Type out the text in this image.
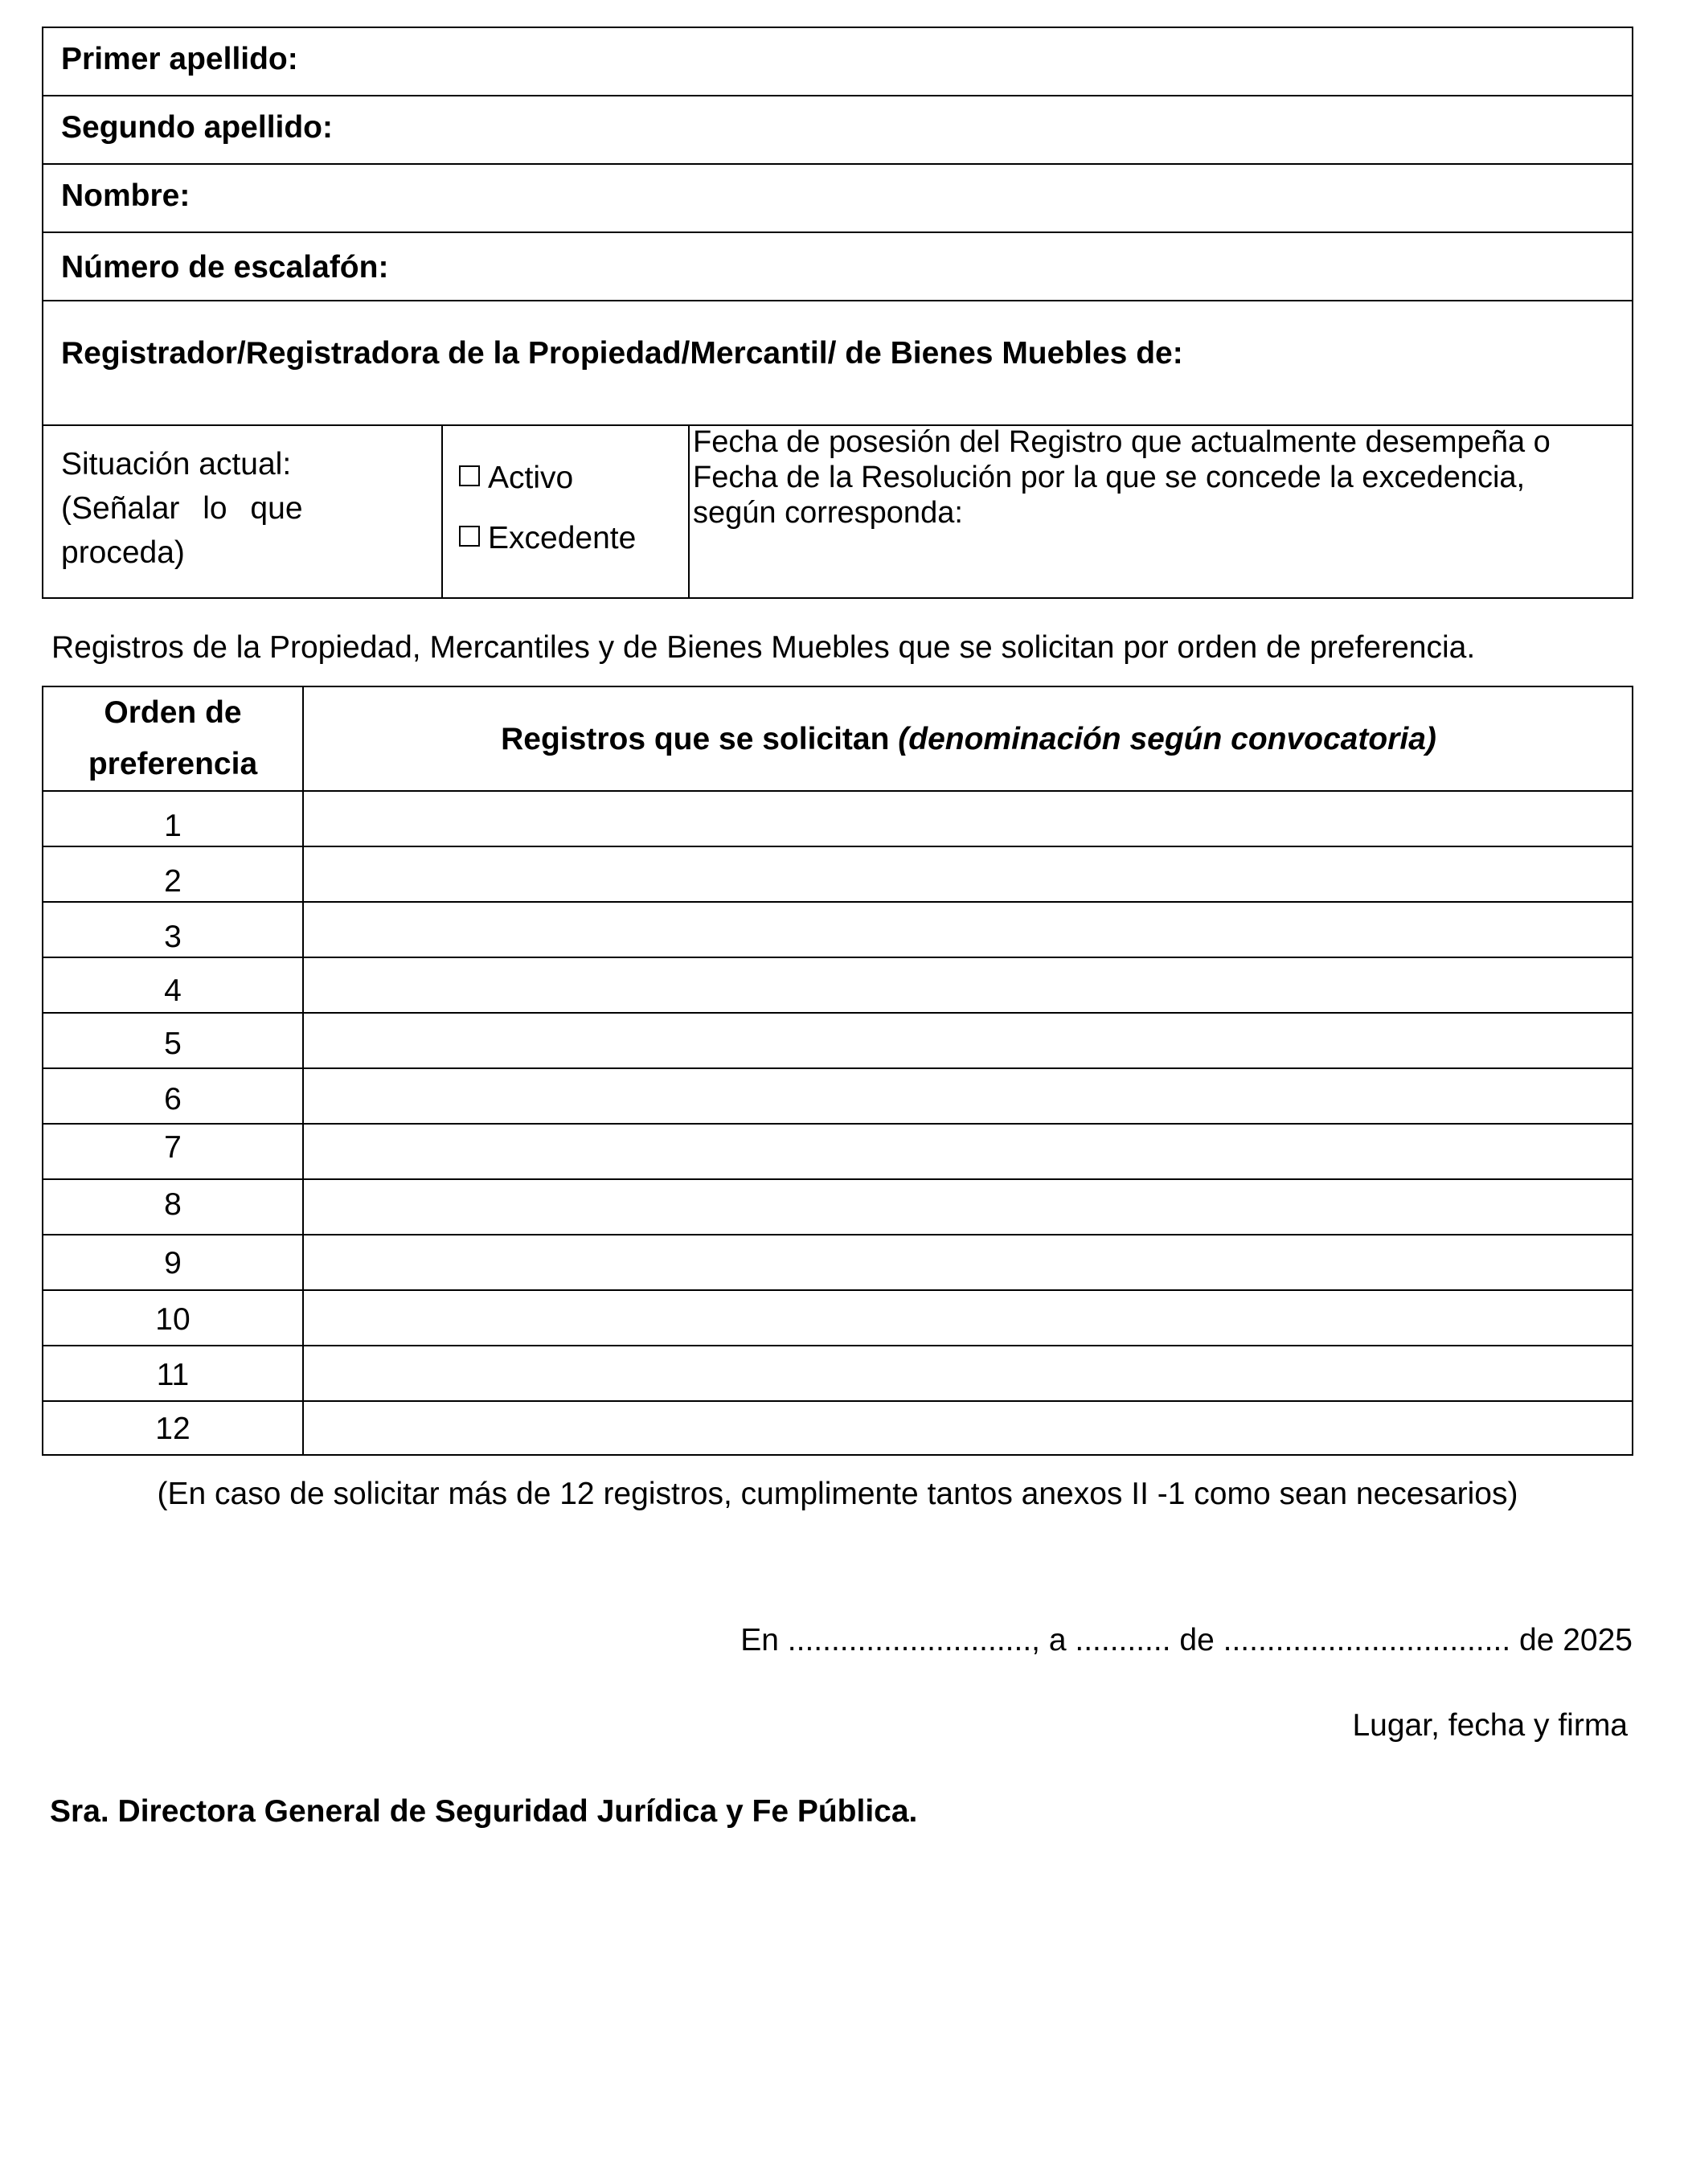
Primer apellido:
Segundo apellido:
Nombre:
Número de escalafón:
Registrador/Registradora de la Propiedad/Mercantil/ de Bienes Muebles de:
Situación actual:
(Señalar lo que
proceda)
Activo
Excedente
Fecha de posesión del Registro que actualmente desempeña o
Fecha de la Resolución por la que se concede la excedencia,
según corresponda:
Registros de la Propiedad, Mercantiles y de Bienes Muebles que se solicitan por orden de preferencia.
Orden de
preferencia
Registros que se solicitan (denominación según convocatoria)
1
2
3
4
5
6
7
8
9
10
11
12
(En caso de solicitar más de 12 registros, cumplimente tantos anexos II -1 como sean necesarios)
En ............................, a ........... de ................................. de 2025
Lugar, fecha y firma
Sra. Directora General de Seguridad Jurídica y Fe Pública.
